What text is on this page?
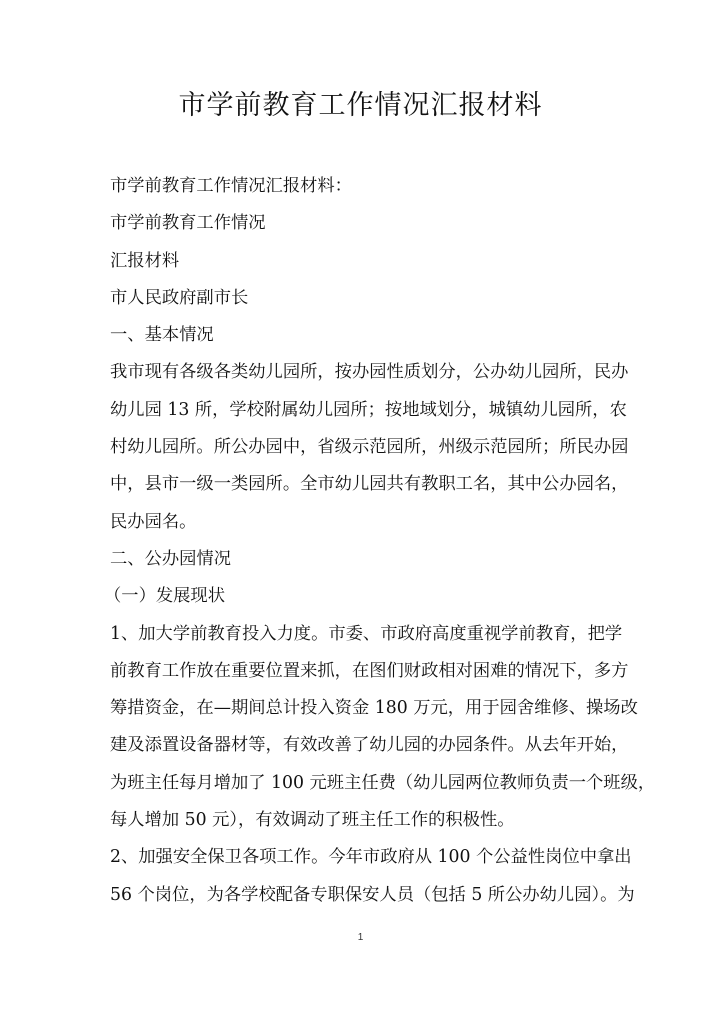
市学前教育工作情况汇报材料

市学前教育工作情况汇报材料：

市学前教育工作情况

汇报材料

市人民政府副市长

一、基本情况

我市现有各级各类幼儿园所，按办园性质划分，公办幼儿园所，民办

幼儿园 13 所，学校附属幼儿园所；按地域划分，城镇幼儿园所，农

村幼儿园所。所公办园中，省级示范园所，州级示范园所；所民办园

中，县市一级一类园所。全市幼儿园共有教职工名，其中公办园名，

民办园名。

二、公办园情况

（一）发展现状

1、加大学前教育投入力度。市委、市政府高度重视学前教育，把学

前教育工作放在重要位置来抓，在图们财政相对困难的情况下，多方

筹措资金，在—期间总计投入资金 180 万元，用于园舍维修、操场改

建及添置设备器材等，有效改善了幼儿园的办园条件。从去年开始，

为班主任每月增加了 100 元班主任费（幼儿园两位教师负责一个班级，

每人增加 50 元），有效调动了班主任工作的积极性。

2、加强安全保卫各项工作。今年市政府从 100 个公益性岗位中拿出

56 个岗位，为各学校配备专职保安人员（包括 5 所公办幼儿园）。为

1
